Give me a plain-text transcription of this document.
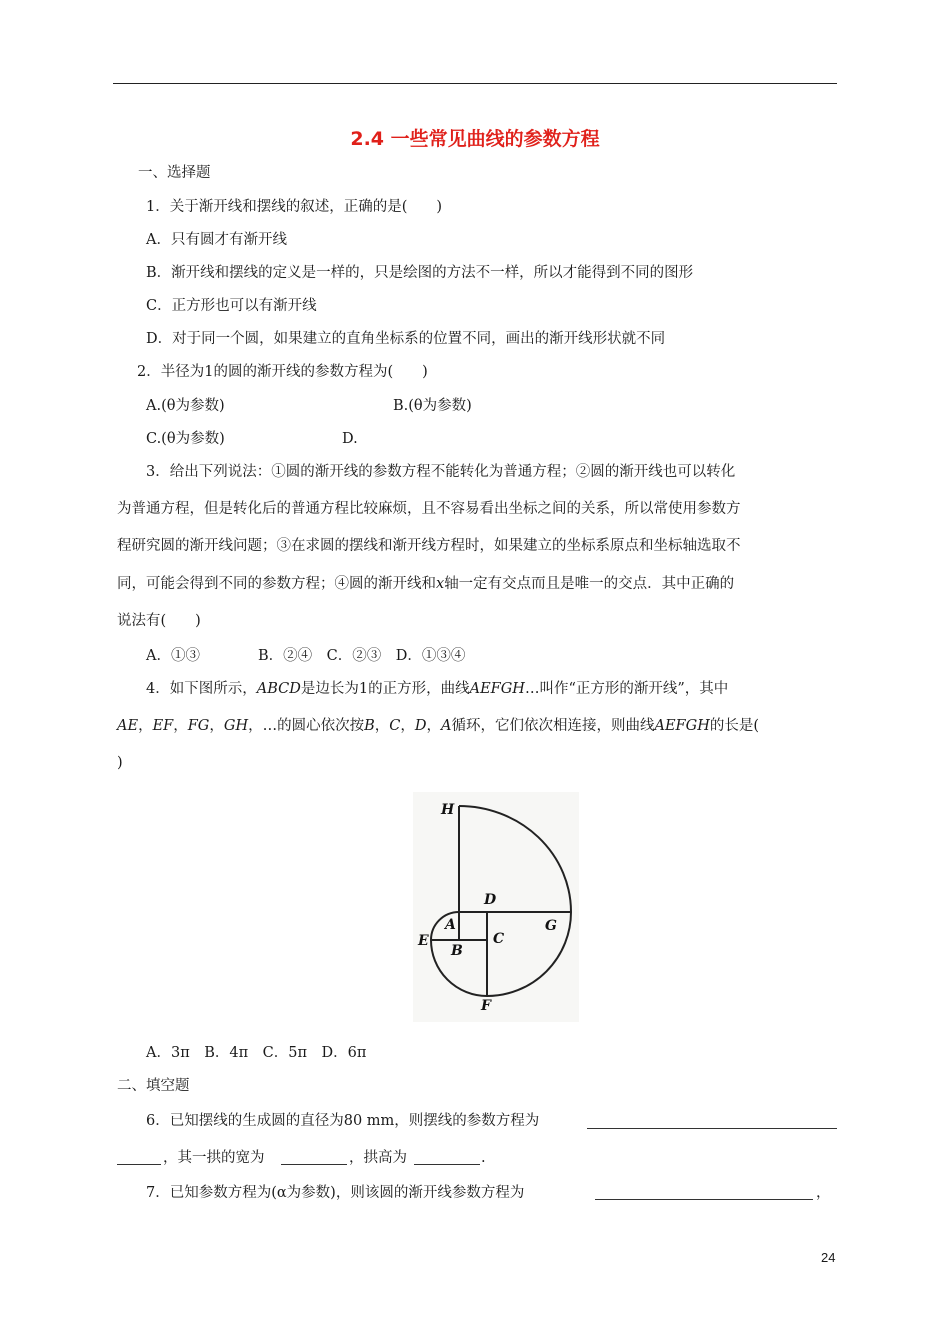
2.4 一些常见曲线的参数方程
一、选择题
1．关于渐开线和摆线的叙述，正确的是(　　)
A．只有圆才有渐开线
B．渐开线和摆线的定义是一样的，只是绘图的方法不一样，所以才能得到不同的图形
C．正方形也可以有渐开线
D．对于同一个圆，如果建立的直角坐标系的位置不同，画出的渐开线形状就不同
2．半径为1的圆的渐开线的参数方程为(　　)
A.(θ为参数)	B.(θ为参数)
C.(θ为参数)	D.
3．给出下列说法：①圆的渐开线的参数方程不能转化为普通方程；②圆的渐开线也可以转化
为普通方程，但是转化后的普通方程比较麻烦，且不容易看出坐标之间的关系，所以常使用参数方
程研究圆的渐开线问题；③在求圆的摆线和渐开线方程时，如果建立的坐标系原点和坐标轴选取不
同，可能会得到不同的参数方程；④圆的渐开线和x轴一定有交点而且是唯一的交点．其中正确的
说法有(　　)
A．①③　　　　B．②④　C．②③　D．①③④
4．如下图所示，ABCD是边长为1的正方形，曲线AEFGH…叫作“正方形的渐开线”，其中
AE，EF，FG，GH，…的圆心依次按B，C，D，A循环，它们依次相连接，则曲线AEFGH的长是(
)
H
D
A	G
E
B
C
F
A．3π　B．4π　C．5π　D．6π
二、填空题
6．已知摆线的生成圆的直径为80 mm，则摆线的参数方程为
，其一拱的宽为	，拱高为	.
7．已知参数方程为(α为参数)，则该圆的渐开线参数方程为	，
24
